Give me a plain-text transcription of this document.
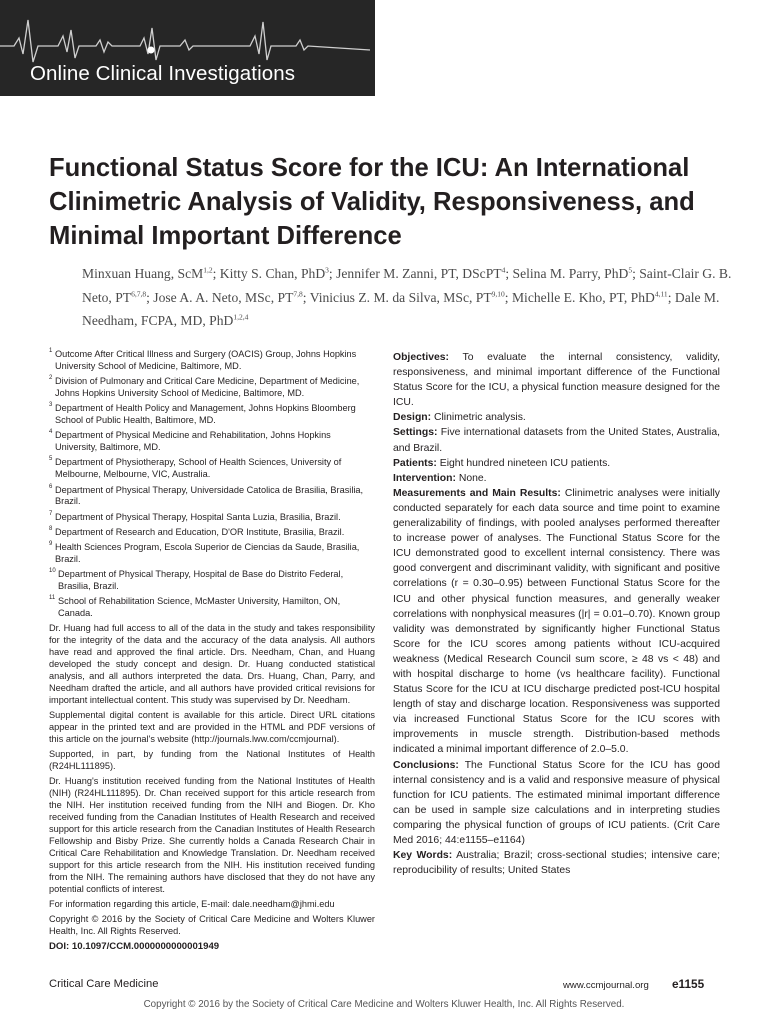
Online Clinical Investigations
Functional Status Score for the ICU: An International Clinimetric Analysis of Validity, Responsiveness, and Minimal Important Difference
Minxuan Huang, ScM$^{1,2}$; Kitty S. Chan, PhD$^3$; Jennifer M. Zanni, PT, DScPT$^4$; Selina M. Parry, PhD$^5$; Saint-Clair G. B. Neto, PT$^{6,7,8}$; Jose A. A. Neto, MSc, PT$^{7,8}$; Vinicius Z. M. da Silva, MSc, PT$^{9,10}$; Michelle E. Kho, PT, PhD$^{4,11}$; Dale M. Needham, FCPA, MD, PhD$^{1,2,4}$
1 Outcome After Critical Illness and Surgery (OACIS) Group, Johns Hopkins University School of Medicine, Baltimore, MD.
2 Division of Pulmonary and Critical Care Medicine, Department of Medicine, Johns Hopkins University School of Medicine, Baltimore, MD.
3 Department of Health Policy and Management, Johns Hopkins Bloomberg School of Public Health, Baltimore, MD.
4 Department of Physical Medicine and Rehabilitation, Johns Hopkins University, Baltimore, MD.
5 Department of Physiotherapy, School of Health Sciences, University of Melbourne, Melbourne, VIC, Australia.
6 Department of Physical Therapy, Universidade Catolica de Brasilia, Brasilia, Brazil.
7 Department of Physical Therapy, Hospital Santa Luzia, Brasilia, Brazil.
8 Department of Research and Education, D'OR Institute, Brasilia, Brazil.
9 Health Sciences Program, Escola Superior de Ciencias da Saude, Brasilia, Brazil.
10 Department of Physical Therapy, Hospital de Base do Distrito Federal, Brasilia, Brazil.
11 School of Rehabilitation Science, McMaster University, Hamilton, ON, Canada.

Dr. Huang had full access to all of the data in the study and takes responsibility for the integrity of the data and the accuracy of the data analysis. All authors have read and approved the final article. Drs. Needham, Chan, and Huang developed the study concept and design. Dr. Huang conducted statistical analysis, and all authors interpreted the data. Drs. Huang, Chan, Parry, and Needham drafted the article, and all authors have provided critical revisions for important intellectual content. This study was supervised by Dr. Needham.

Supplemental digital content is available for this article. Direct URL citations appear in the printed text and are provided in the HTML and PDF versions of this article on the journal's website (http://journals.lww.com/ccmjournal).

Supported, in part, by funding from the National Institutes of Health (R24HL111895).

Dr. Huang's institution received funding from the National Institutes of Health (NIH) (R24HL111895). Dr. Chan received support for this article research from the NIH. Her institution received funding from the NIH and Biogen. Dr. Kho received funding from the Canadian Institutes of Health Research and received support for this article research from the Canadian Institutes of Health Research Fellowship and Bisby Prize. She currently holds a Canada Research Chair in Critical Care Rehabilitation and Knowledge Translation. Dr. Needham received support for this article research from the NIH. His institution received funding from the NIH. The remaining authors have disclosed that they do not have any potential conflicts of interest.

For information regarding this article, E-mail: dale.needham@jhmi.edu

Copyright © 2016 by the Society of Critical Care Medicine and Wolters Kluwer Health, Inc. All Rights Reserved.

DOI: 10.1097/CCM.0000000000001949

Objectives: To evaluate the internal consistency, validity, responsiveness, and minimal important difference of the Functional Status Score for the ICU, a physical function measure designed for the ICU.

Design: Clinimetric analysis.

Settings: Five international datasets from the United States, Australia, and Brazil.

Patients: Eight hundred nineteen ICU patients.

Intervention: None.

Measurements and Main Results: Clinimetric analyses were initially conducted separately for each data source and time point to examine generalizability of findings, with pooled analyses performed thereafter to increase power of analyses. The Functional Status Score for the ICU demonstrated good to excellent internal consistency. There was good convergent and discriminant validity, with significant and positive correlations (r = 0.30–0.95) between Functional Status Score for the ICU and other physical function measures, and generally weaker correlations with nonphysical measures (|r| = 0.01–0.70). Known group validity was demonstrated by significantly higher Functional Status Score for the ICU scores among patients without ICU-acquired weakness (Medical Research Council sum score, ≥ 48 vs < 48) and with hospital discharge to home (vs healthcare facility). Functional Status Score for the ICU at ICU discharge predicted post-ICU hospital length of stay and discharge location. Responsiveness was supported via increased Functional Status Score for the ICU scores with improvements in muscle strength. Distribution-based methods indicated a minimal important difference of 2.0–5.0.

Conclusions: The Functional Status Score for the ICU has good internal consistency and is a valid and responsive measure of physical function for ICU patients. The estimated minimal important difference can be used in sample size calculations and in interpreting studies comparing the physical function of groups of ICU patients. (Crit Care Med 2016; 44:e1155–e1164)

Key Words: Australia; Brazil; cross-sectional studies; intensive care; reproducibility of results; United States

Critical Care Medicine	www.ccmjournal.org e1155
Copyright © 2016 by the Society of Critical Care Medicine and Wolters Kluwer Health, Inc. All Rights Reserved.
